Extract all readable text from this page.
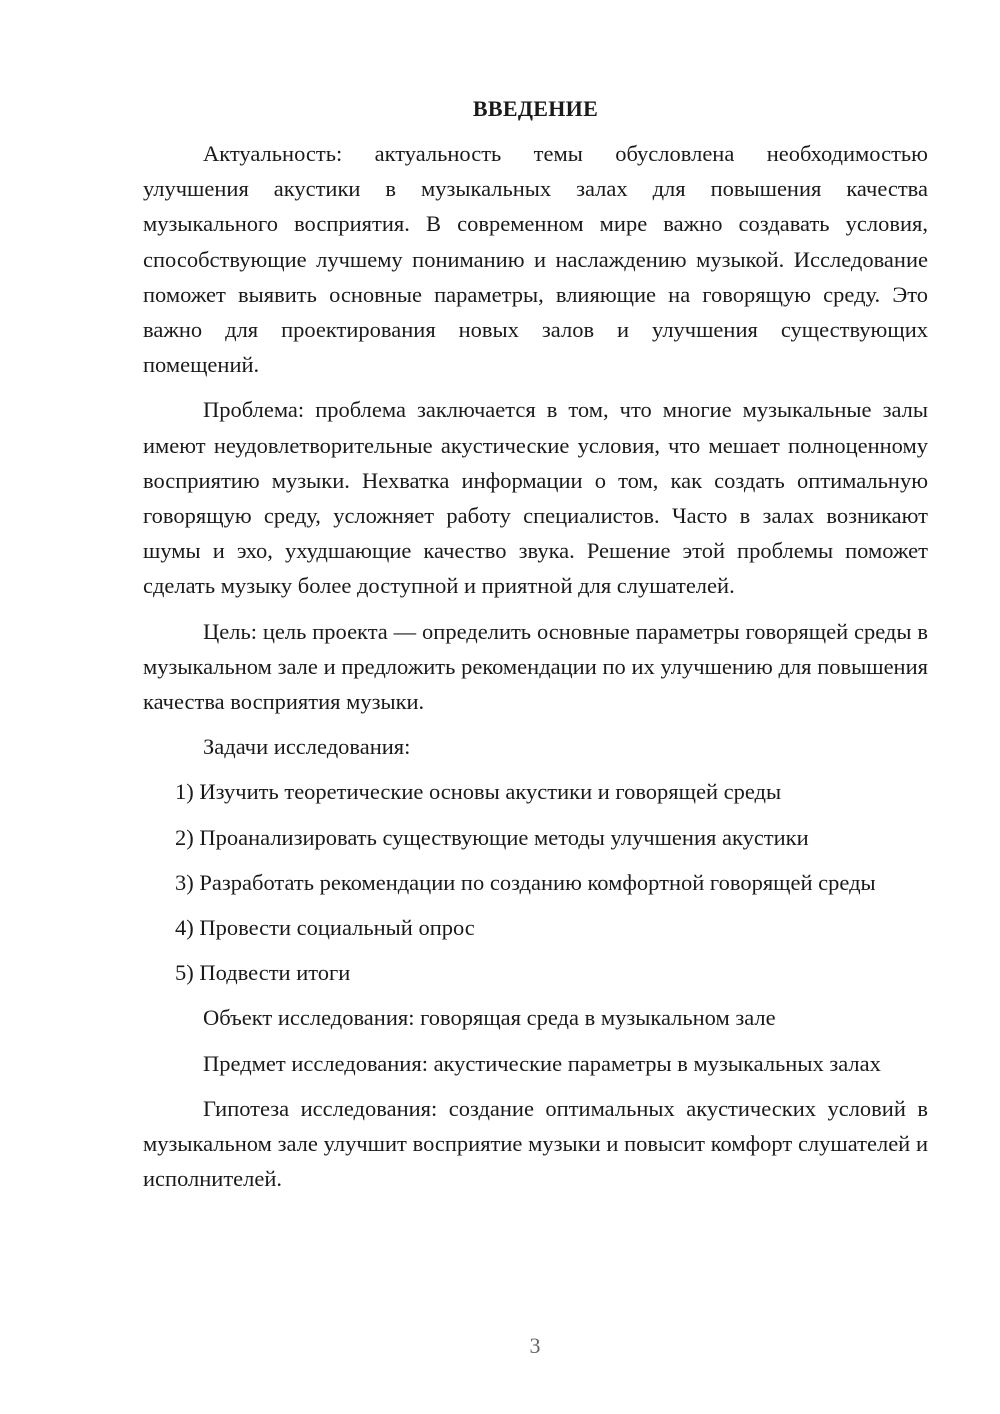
ВВЕДЕНИЕ

Актуальность: актуальность темы обусловлена необходимостью улучшения акустики в музыкальных залах для повышения качества музыкального восприятия. В современном мире важно создавать условия, способствующие лучшему пониманию и наслаждению музыкой. Исследование поможет выявить основные параметры, влияющие на говорящую среду. Это важно для проектирования новых залов и улучшения существующих помещений.

Проблема: проблема заключается в том, что многие музыкальные залы имеют неудовлетворительные акустические условия, что мешает полноценному восприятию музыки. Нехватка информации о том, как создать оптимальную говорящую среду, усложняет работу специалистов. Часто в залах возникают шумы и эхо, ухудшающие качество звука. Решение этой проблемы поможет сделать музыку более доступной и приятной для слушателей.

Цель: цель проекта — определить основные параметры говорящей среды в музыкальном зале и предложить рекомендации по их улучшению для повышения качества восприятия музыки.

Задачи исследования:

1) Изучить теоретические основы акустики и говорящей среды

2) Проанализировать существующие методы улучшения акустики

3) Разработать рекомендации по созданию комфортной говорящей среды

4) Провести социальный опрос

5) Подвести итоги

Объект исследования: говорящая среда в музыкальном зале

Предмет исследования: акустические параметры в музыкальных залах

Гипотеза исследования: создание оптимальных акустических условий в музыкальном зале улучшит восприятие музыки и повысит комфорт слушателей и исполнителей.

3
